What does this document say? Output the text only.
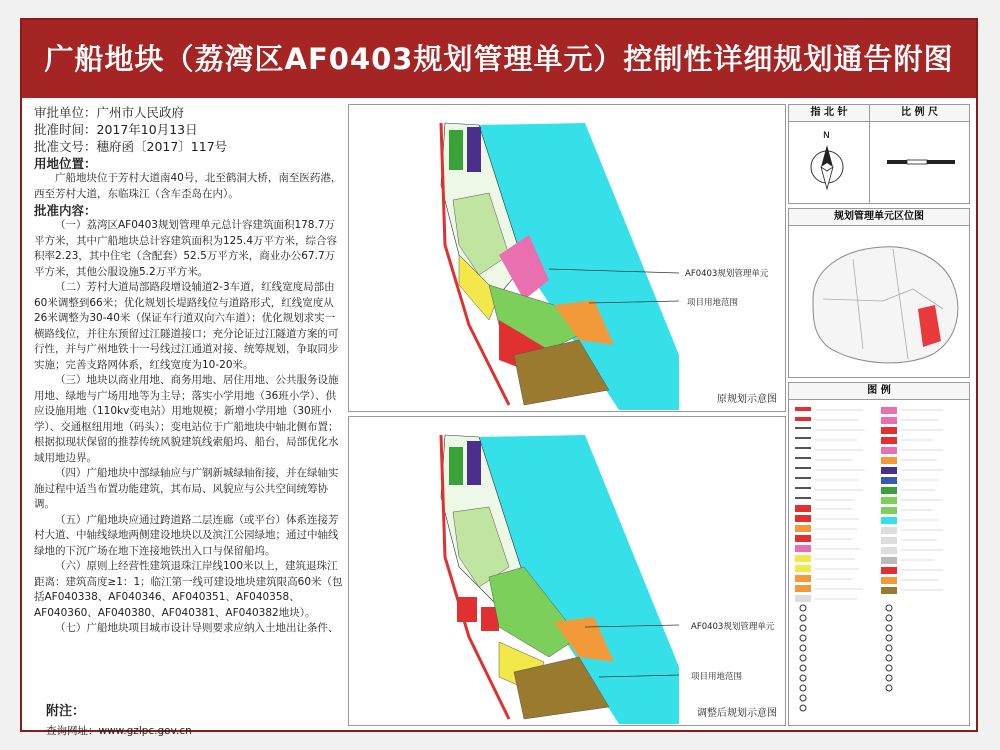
广船地块（荔湾区AF0403规划管理单元）控制性详细规划通告附图
审批单位：广州市人民政府
批准时间：2017年10月13日
批准文号：穗府函〔2017〕117号
用地位置：

广船地块位于芳村大道南40号，北至鹤洞大桥，南至医药港，西至芳村大道，东临珠江（含车歪岛在内）。

批准内容：

（一）荔湾区AF0403规划管理单元总计容建筑面积178.7万平方米，其中广船地块总计容建筑面积为125.4万平方米，综合容积率2.23，其中住宅（含配套）52.5万平方米，商业办公67.7万平方米，其他公服设施5.2万平方米。

（二）芳村大道局部路段增设辅道2-3车道，红线宽度局部由60米调整到66米；优化规划长堤路线位与道路形式，红线宽度从26米调整为30-40米（保证车行道双向六车道）；优化规划求实一横路线位，并往东预留过江隧道接口；充分论证过江隧道方案的可行性，并与广州地铁十一号线过江通道对接、统筹规划，争取同步实施；完善支路网体系，红线宽度为10-20米。

（三）地块以商业用地、商务用地、居住用地、公共服务设施用地、绿地与广场用地等为主导；落实小学用地（36班小学）、供应设施用地（110kv变电站）用地规模；新增小学用地（30班小学）、交通枢纽用地（码头）；变电站位于广船地块中轴北侧布置；根据拟现状保留的推荐传统风貌建筑线索船坞、船台，局部优化水域用地边界。

（四）广船地块中部绿轴应与广钢新城绿轴衔接，并在绿轴实施过程中适当布置功能建筑，其布局、风貌应与公共空间统筹协调。

（五）广船地块应通过跨道路二层连廊（或平台）体系连接芳村大道、中轴线绿地两侧建设地块以及滨江公园绿地；通过中轴线绿地的下沉广场在地下连接地铁出入口与保留船坞。

（六）原则上经营性建筑退珠江岸线100米以上，建筑退珠江距离：建筑高度≥1：1；临江第一线可建设地块建筑限高60米（包括AF040338、AF040346、AF040351、AF040358、AF040360、AF040380、AF040381、AF040382地块）。

（七）广船地块项目城市设计导则要求应纳入土地出让条件、

附注：
查询网址：www.gzlpc.gov.cn
AF0403规划管理单元
项目用地范围
原规划示意图
AF0403规划管理单元
项目用地范围
调整后规划示意图
指 北 针	比 例 尺
N
规划管理单元区位图
图 例
